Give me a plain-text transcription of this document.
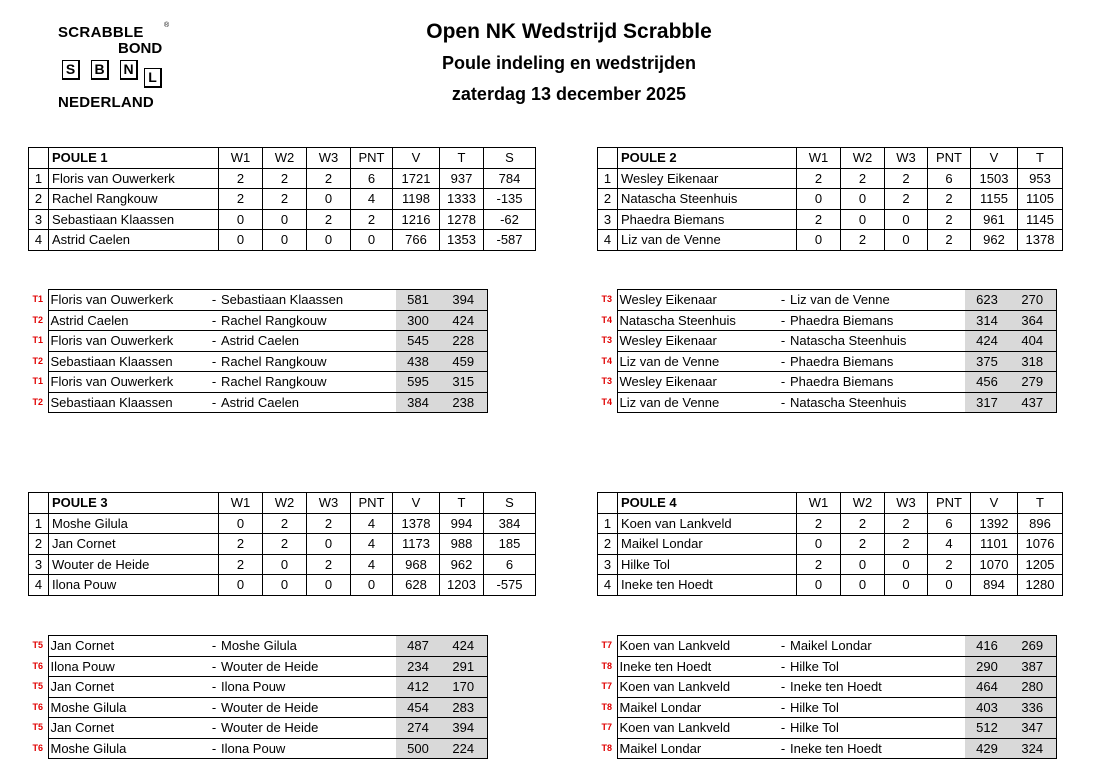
SCRABBLE	®
BOND
S	B	N	L
NEDERLAND
Open NK Wedstrijd Scrabble
Poule indeling en wedstrijden
zaterdag 13 december 2025
	POULE 1	W1	W2	W3	PNT	V	T	S
1	Floris van Ouwerkerk	2	2	2	6	1721	937	784
2	Rachel Rangkouw	2	2	0	4	1198	1333	-135
3	Sebastiaan Klaassen	0	0	2	2	1216	1278	-62
4	Astrid Caelen	0	0	0	0	766	1353	-587
T1	Floris van Ouwerkerk	-	Sebastiaan Klaassen	581	394
T2	Astrid Caelen	-	Rachel Rangkouw	300	424
T1	Floris van Ouwerkerk	-	Astrid Caelen	545	228
T2	Sebastiaan Klaassen	-	Rachel Rangkouw	438	459
T1	Floris van Ouwerkerk	-	Rachel Rangkouw	595	315
T2	Sebastiaan Klaassen	-	Astrid Caelen	384	238
	POULE 2	W1	W2	W3	PNT	V	T
1	Wesley Eikenaar	2	2	2	6	1503	953
2	Natascha Steenhuis	0	0	2	2	1155	1105
3	Phaedra Biemans	2	0	0	2	961	1145
4	Liz van de Venne	0	2	0	2	962	1378
T3	Wesley Eikenaar	-	Liz van de Venne	623	270
T4	Natascha Steenhuis	-	Phaedra Biemans	314	364
T3	Wesley Eikenaar	-	Natascha Steenhuis	424	404
T4	Liz van de Venne	-	Phaedra Biemans	375	318
T3	Wesley Eikenaar	-	Phaedra Biemans	456	279
T4	Liz van de Venne	-	Natascha Steenhuis	317	437
	POULE 3	W1	W2	W3	PNT	V	T	S
1	Moshe Gilula	0	2	2	4	1378	994	384
2	Jan Cornet	2	2	0	4	1173	988	185
3	Wouter de Heide	2	0	2	4	968	962	6
4	Ilona Pouw	0	0	0	0	628	1203	-575
T5	Jan Cornet	-	Moshe Gilula	487	424
T6	Ilona Pouw	-	Wouter de Heide	234	291
T5	Jan Cornet	-	Ilona Pouw	412	170
T6	Moshe Gilula	-	Wouter de Heide	454	283
T5	Jan Cornet	-	Wouter de Heide	274	394
T6	Moshe Gilula	-	Ilona Pouw	500	224
	POULE 4	W1	W2	W3	PNT	V	T
1	Koen van Lankveld	2	2	2	6	1392	896
2	Maikel Londar	0	2	2	4	1101	1076
3	Hilke Tol	2	0	0	2	1070	1205
4	Ineke ten Hoedt	0	0	0	0	894	1280
T7	Koen van Lankveld	-	Maikel Londar	416	269
T8	Ineke ten Hoedt	-	Hilke Tol	290	387
T7	Koen van Lankveld	-	Ineke ten Hoedt	464	280
T8	Maikel Londar	-	Hilke Tol	403	336
T7	Koen van Lankveld	-	Hilke Tol	512	347
T8	Maikel Londar	-	Ineke ten Hoedt	429	324
